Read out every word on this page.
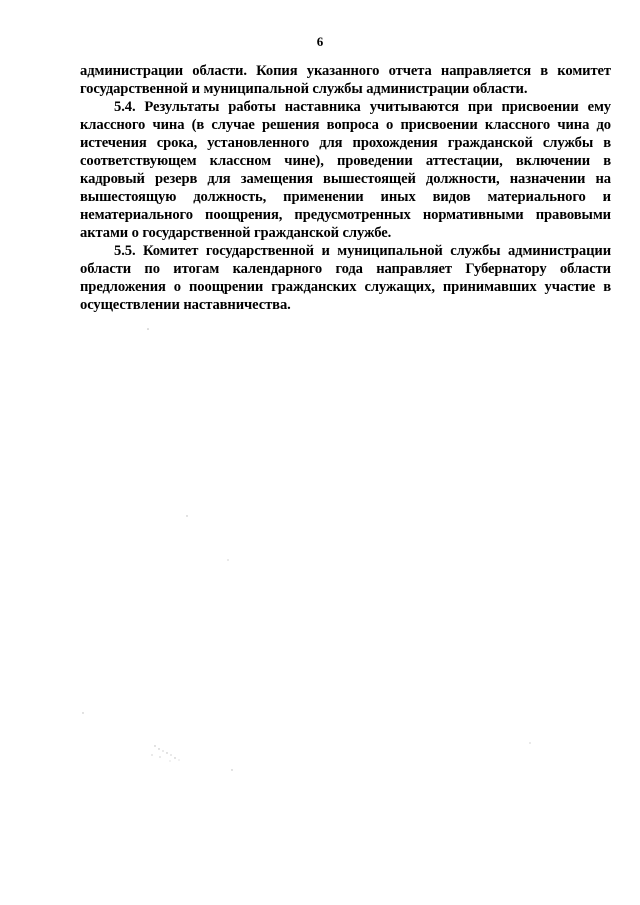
6

администрации области. Копия указанного отчета направляется в комитет государственной и муниципальной службы администрации области.

5.4. Результаты работы наставника учитываются при присвоении ему классного чина (в случае решения вопроса о присвоении классного чина до истечения срока, установленного для прохождения гражданской службы в соответствующем классном чине), проведении аттестации, включении в кадровый резерв для замещения вышестоящей должности, назначении на вышестоящую должность, применении иных видов материального и нематериального поощрения, предусмотренных нормативными правовыми актами о государственной гражданской службе.

5.5. Комитет государственной и муниципальной службы администрации области по итогам календарного года направляет Губернатору области предложения о поощрении гражданских служащих, принимавших участие в осуществлении наставничества.
